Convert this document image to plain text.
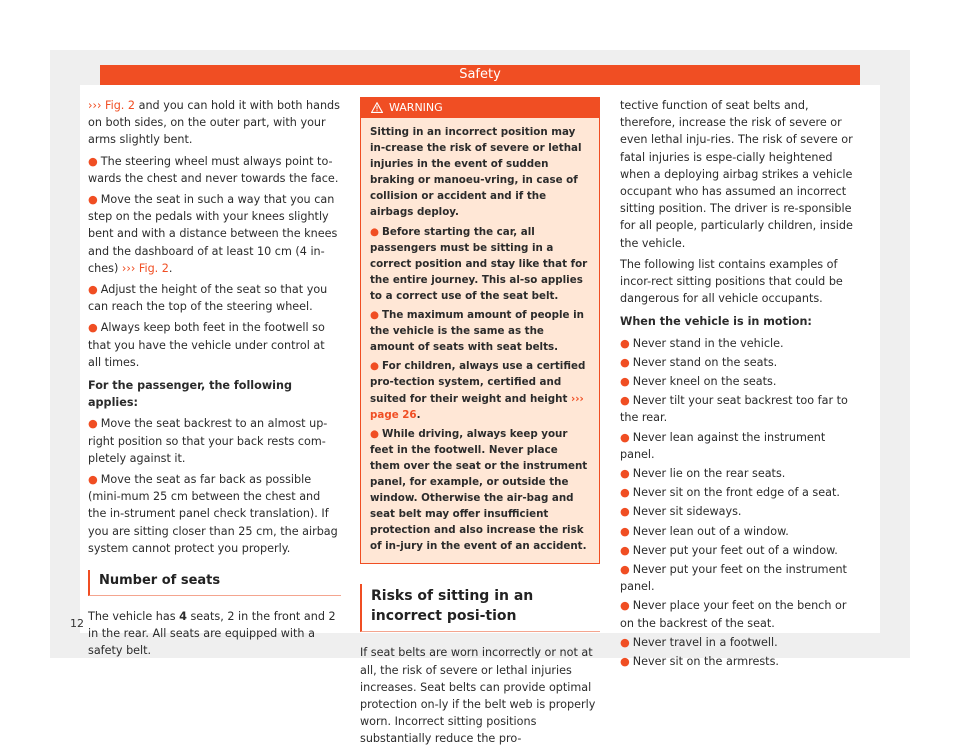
Safety

››› Fig. 2 and you can hold it with both hands on both sides, on the outer part, with your arms slightly bent.

● The steering wheel must always point to-wards the chest and never towards the face.

● Move the seat in such a way that you can step on the pedals with your knees slightly bent and with a distance between the knees and the dashboard of at least 10 cm (4 in-ches) ››› Fig. 2.

● Adjust the height of the seat so that you can reach the top of the steering wheel.

● Always keep both feet in the footwell so that you have the vehicle under control at all times.

For the passenger, the following applies:

● Move the seat backrest to an almost up-right position so that your back rests com-pletely against it.

● Move the seat as far back as possible (mini-mum 25 cm between the chest and the in-strument panel check translation). If you are sitting closer than 25 cm, the airbag system cannot protect you properly.

Number of seats

The vehicle has 4 seats, 2 in the front and 2 in the rear. All seats are equipped with a safety belt.

WARNING

Sitting in an incorrect position may in-crease the risk of severe or lethal injuries in the event of sudden braking or manoeu-vring, in case of collision or accident and if the airbags deploy.

● Before starting the car, all passengers must be sitting in a correct position and stay like that for the entire journey. This al-so applies to a correct use of the seat belt.

● The maximum amount of people in the vehicle is the same as the amount of seats with seat belts.

● For children, always use a certified pro-tection system, certified and suited for their weight and height ››› page 26.

● While driving, always keep your feet in the footwell. Never place them over the seat or the instrument panel, for example, or outside the window. Otherwise the air-bag and seat belt may offer insufficient protection and also increase the risk of in-jury in the event of an accident.

Risks of sitting in an incorrect posi-tion

If seat belts are worn incorrectly or not at all, the risk of severe or lethal injuries increases. Seat belts can provide optimal protection on-ly if the belt web is properly worn. Incorrect sitting positions substantially reduce the pro-

tective function of seat belts and, therefore, increase the risk of severe or even lethal inju-ries. The risk of severe or fatal injuries is espe-cially heightened when a deploying airbag strikes a vehicle occupant who has assumed an incorrect sitting position. The driver is re-sponsible for all people, particularly children, inside the vehicle.

The following list contains examples of incor-rect sitting positions that could be dangerous for all vehicle occupants.

When the vehicle is in motion:

● Never stand in the vehicle.

● Never stand on the seats.

● Never kneel on the seats.

● Never tilt your seat backrest too far to the rear.

● Never lean against the instrument panel.

● Never lie on the rear seats.

● Never sit on the front edge of a seat.

● Never sit sideways.

● Never lean out of a window.

● Never put your feet out of a window.

● Never put your feet on the instrument panel.

● Never place your feet on the bench or on the backrest of the seat.

● Never travel in a footwell.

● Never sit on the armrests.

12
